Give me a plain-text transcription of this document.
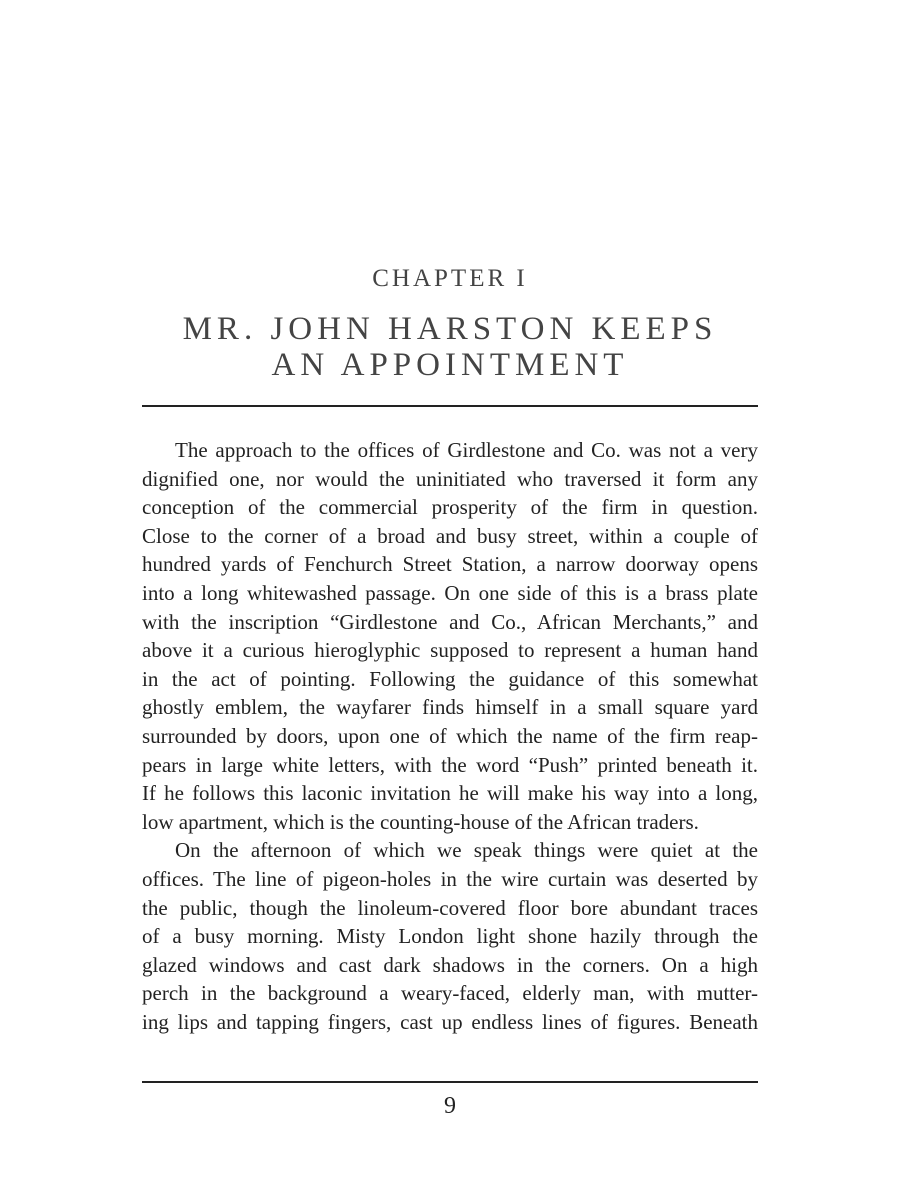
CHAPTER I
MR. JOHN HARSTON KEEPS
AN APPOINTMENT
The approach to the offices of Girdlestone and Co. was not a very
dignified one, nor would the uninitiated who traversed it form any
conception of the commercial prosperity of the firm in question.
Close to the corner of a broad and busy street, within a couple of
hundred yards of Fenchurch Street Station, a narrow doorway opens
into a long whitewashed passage. On one side of this is a brass plate
with the inscription “Girdlestone and Co., African Merchants,” and
above it a curious hieroglyphic supposed to represent a human hand
in the act of pointing. Following the guidance of this somewhat
ghostly emblem, the wayfarer finds himself in a small square yard
surrounded by doors, upon one of which the name of the firm reap-
pears in large white letters, with the word “Push” printed beneath it.
If he follows this laconic invitation he will make his way into a long,
low apartment, which is the counting-house of the African traders.
On the afternoon of which we speak things were quiet at the
offices. The line of pigeon-holes in the wire curtain was deserted by
the public, though the linoleum-covered floor bore abundant traces
of a busy morning. Misty London light shone hazily through the
glazed windows and cast dark shadows in the corners. On a high
perch in the background a weary-faced, elderly man, with mutter-
ing lips and tapping fingers, cast up endless lines of figures. Beneath
9
